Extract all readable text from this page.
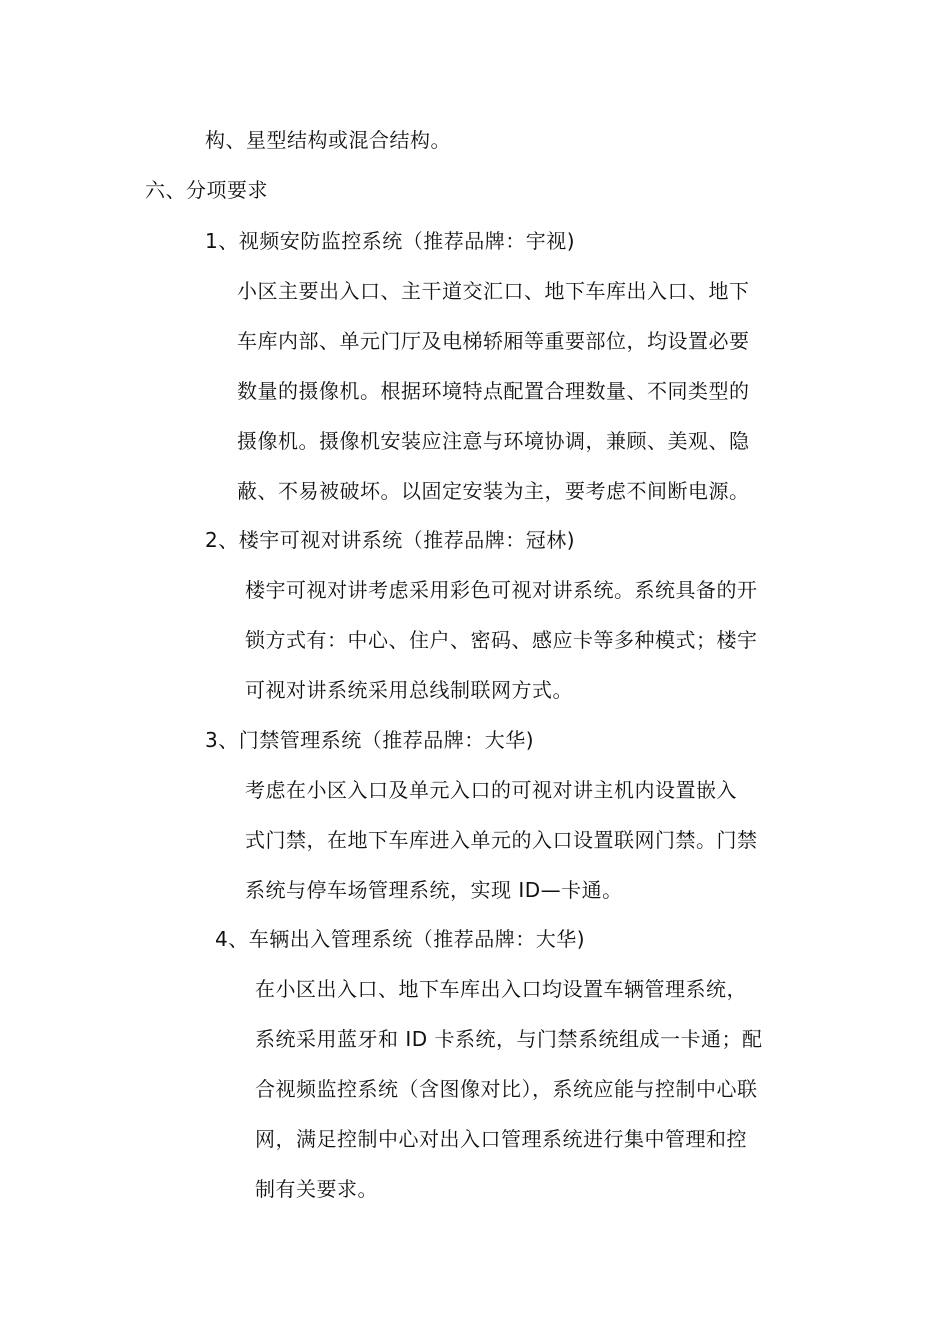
构、星型结构或混合结构。
六、分项要求
1、视频安防监控系统（推荐品牌：宇视)
小区主要出入口、主干道交汇口、地下车库出入口、地下
车库内部、单元门厅及电梯轿厢等重要部位，均设置必要
数量的摄像机。根据环境特点配置合理数量、不同类型的
摄像机。摄像机安装应注意与环境协调，兼顾、美观、隐
蔽、不易被破坏。以固定安装为主，要考虑不间断电源。
2、楼宇可视对讲系统（推荐品牌：冠林)
楼宇可视对讲考虑采用彩色可视对讲系统。系统具备的开
锁方式有：中心、住户、密码、感应卡等多种模式；楼宇
可视对讲系统采用总线制联网方式。
3、门禁管理系统（推荐品牌：大华)
考虑在小区入口及单元入口的可视对讲主机内设置嵌入
式门禁，在地下车库进入单元的入口设置联网门禁。门禁
系统与停车场管理系统，实现 ID—卡通。
4、车辆出入管理系统（推荐品牌：大华)
在小区出入口、地下车库出入口均设置车辆管理系统，
系统采用蓝牙和 ID 卡系统，与门禁系统组成一卡通；配
合视频监控系统（含图像对比），系统应能与控制中心联
网，满足控制中心对出入口管理系统进行集中管理和控
制有关要求。
